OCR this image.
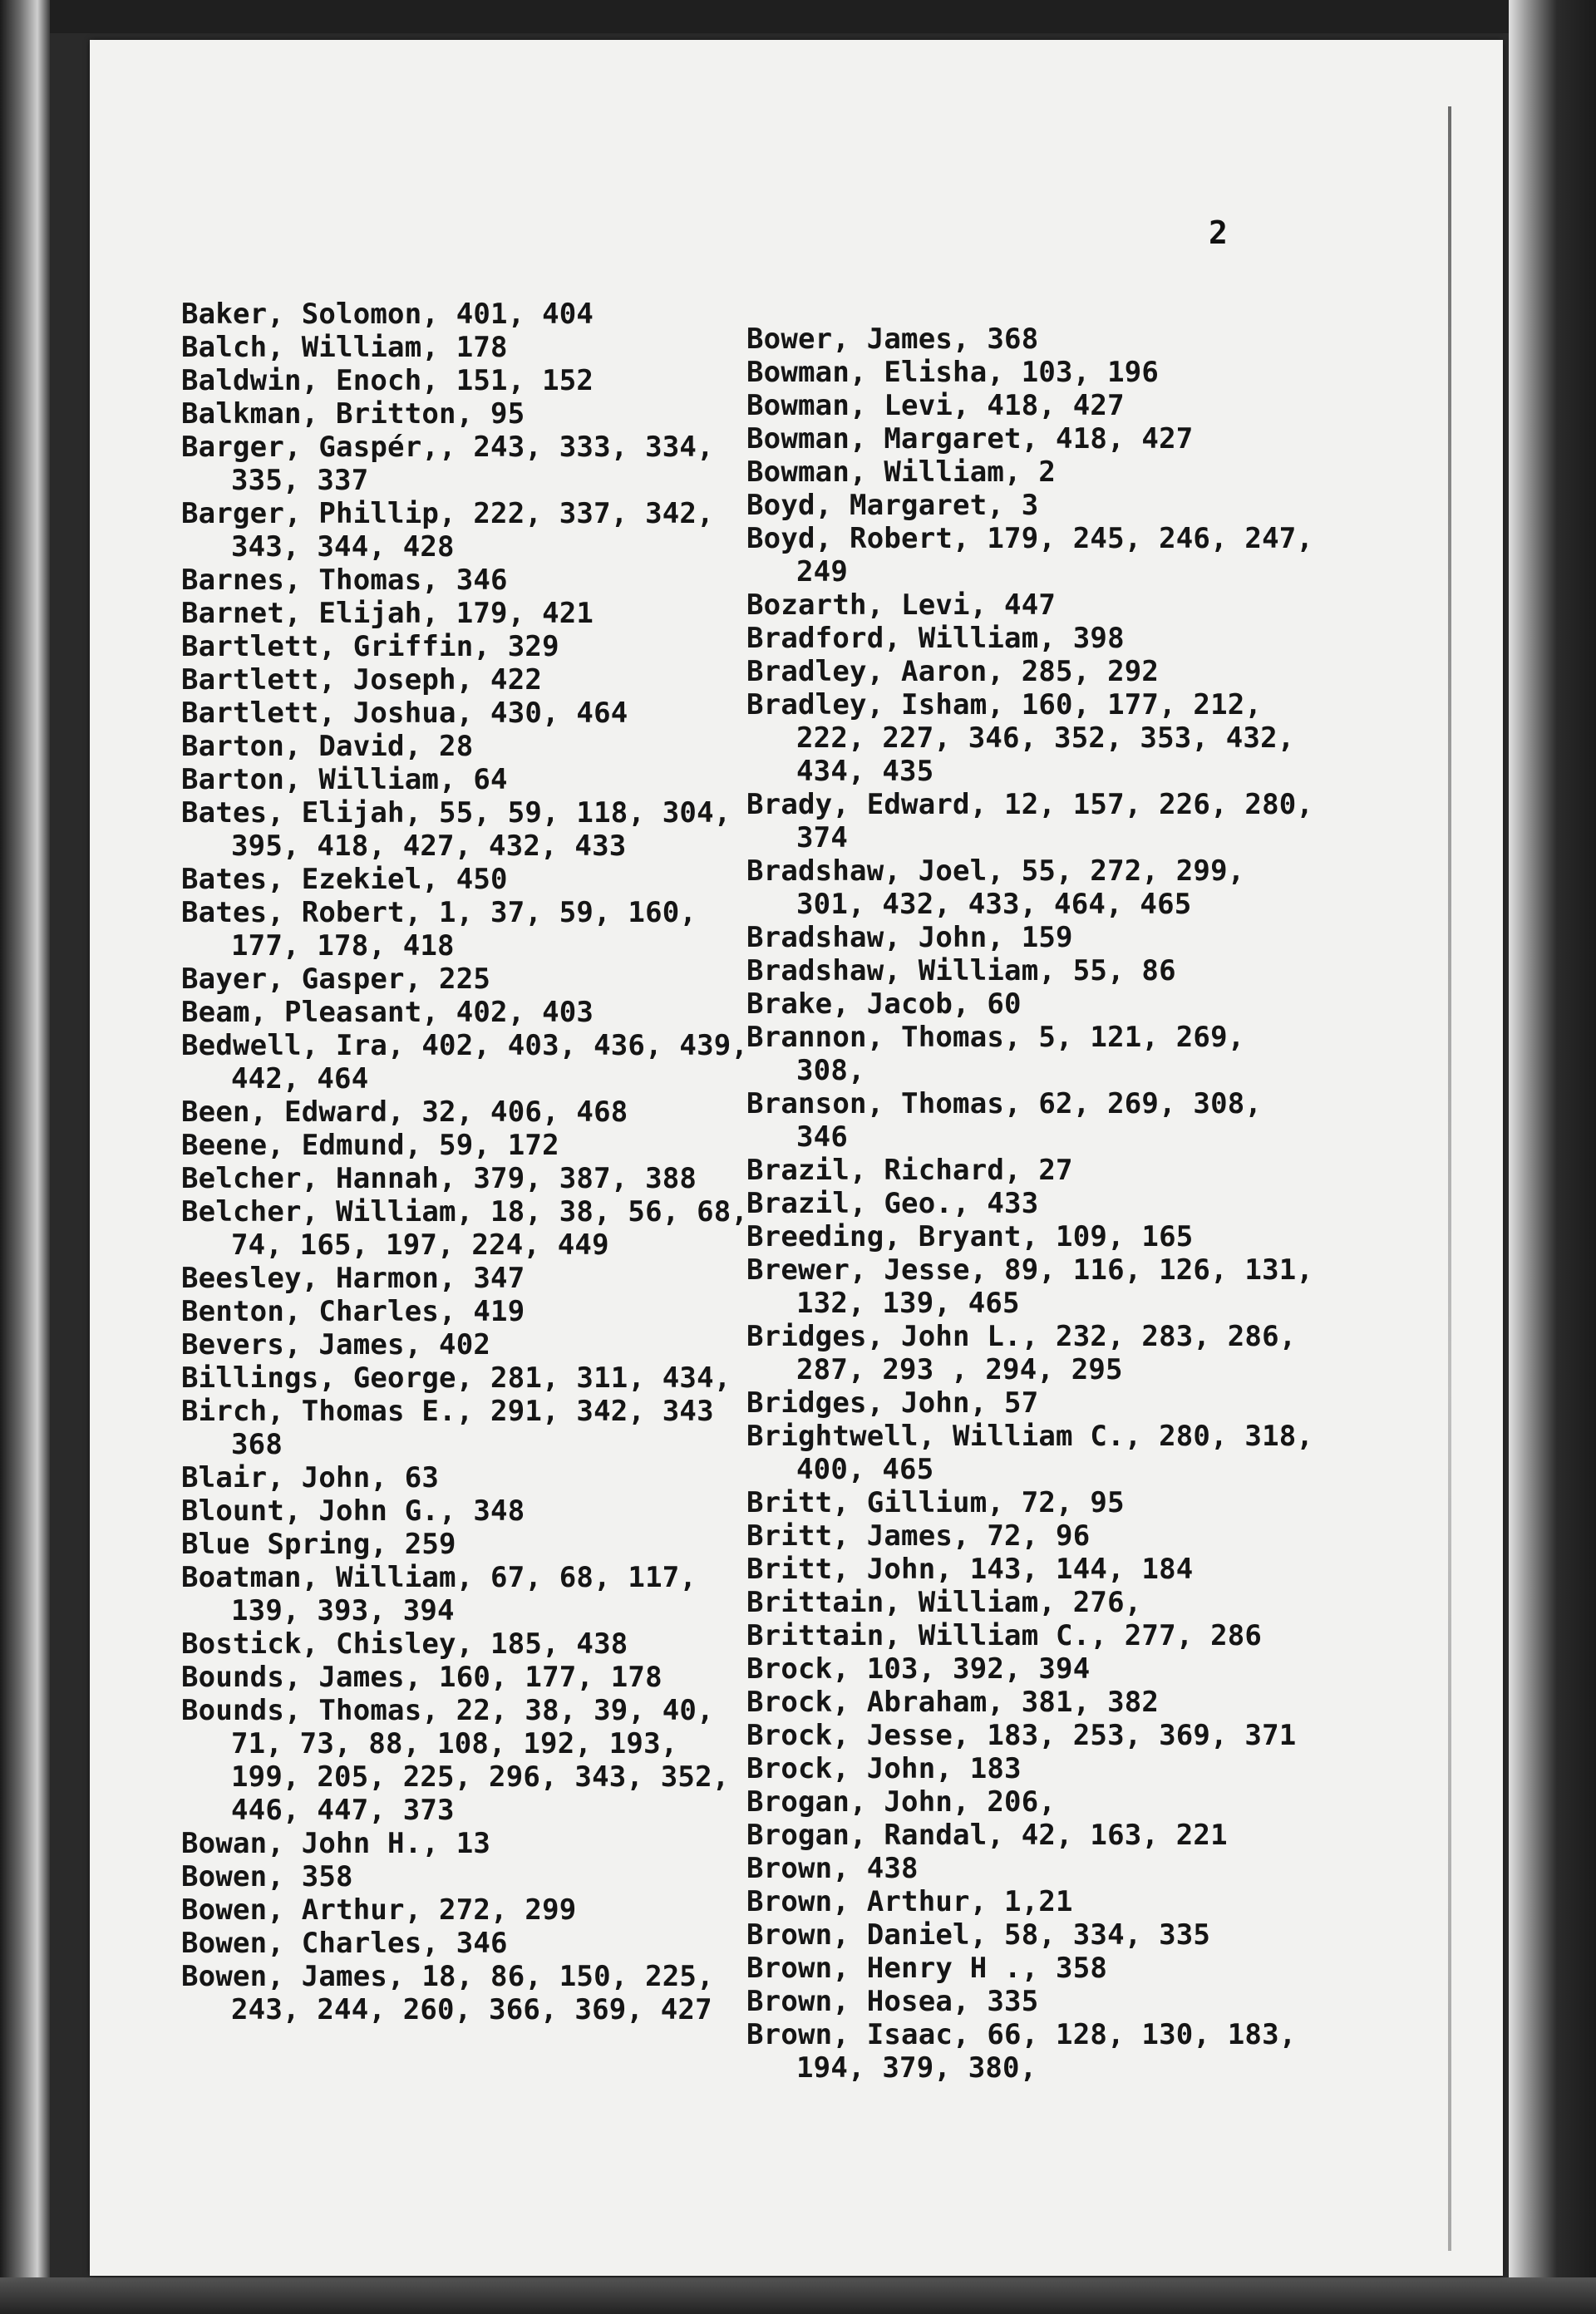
2

Baker, Solomon, 401, 404
Balch, William, 178
Baldwin, Enoch, 151, 152
Balkman, Britton, 95
Barger, Gaspér,, 243, 333, 334, 335, 337
Barger, Phillip, 222, 337, 342, 343, 344, 428
Barnes, Thomas, 346
Barnet, Elijah, 179, 421
Bartlett, Griffin, 329
Bartlett, Joseph, 422
Bartlett, Joshua, 430, 464
Barton, David, 28
Barton, William, 64
Bates, Elijah, 55, 59, 118, 304, 395, 418, 427, 432, 433
Bates, Ezekiel, 450
Bates, Robert, 1, 37, 59, 160, 177, 178, 418
Bayer, Gasper, 225
Beam, Pleasant, 402, 403
Bedwell, Ira, 402, 403, 436, 439, 442, 464
Been, Edward, 32, 406, 468
Beene, Edmund, 59, 172
Belcher, Hannah, 379, 387, 388
Belcher, William, 18, 38, 56, 68, 74, 165, 197, 224, 449
Beesley, Harmon, 347
Benton, Charles, 419
Bevers, James, 402
Billings, George, 281, 311, 434,
Birch, Thomas E., 291, 342, 343 368
Blair, John, 63
Blount, John G., 348
Blue Spring, 259
Boatman, William, 67, 68, 117, 139, 393, 394
Bostick, Chisley, 185, 438
Bounds, James, 160, 177, 178
Bounds, Thomas, 22, 38, 39, 40, 71, 73, 88, 108, 192, 193, 199, 205, 225, 296, 343, 352, 446, 447, 373
Bowan, John H., 13
Bowen, 358
Bowen, Arthur, 272, 299
Bowen, Charles, 346
Bowen, James, 18, 86, 150, 225, 243, 244, 260, 366, 369, 427
Bower, James, 368
Bowman, Elisha, 103, 196
Bowman, Levi, 418, 427
Bowman, Margaret, 418, 427
Bowman, William, 2
Boyd, Margaret, 3
Boyd, Robert, 179, 245, 246, 247, 249
Bozarth, Levi, 447
Bradford, William, 398
Bradley, Aaron, 285, 292
Bradley, Isham, 160, 177, 212, 222, 227, 346, 352, 353, 432, 434, 435
Brady, Edward, 12, 157, 226, 280, 374
Bradshaw, Joel, 55, 272, 299, 301, 432, 433, 464, 465
Bradshaw, John, 159
Bradshaw, William, 55, 86
Brake, Jacob, 60
Brannon, Thomas, 5, 121, 269, 308,
Branson, Thomas, 62, 269, 308, 346
Brazil, Richard, 27
Brazil, Geo., 433
Breeding, Bryant, 109, 165
Brewer, Jesse, 89, 116, 126, 131, 132, 139, 465
Bridges, John L., 232, 283, 286, 287, 293 , 294, 295
Bridges, John, 57
Brightwell, William C., 280, 318, 400, 465
Britt, Gillium, 72, 95
Britt, James, 72, 96
Britt, John, 143, 144, 184
Brittain, William, 276,
Brittain, William C., 277, 286
Brock, 103, 392, 394
Brock, Abraham, 381, 382
Brock, Jesse, 183, 253, 369, 371
Brock, John, 183
Brogan, John, 206,
Brogan, Randal, 42, 163, 221
Brown, 438
Brown, Arthur, 1,21
Brown, Daniel, 58, 334, 335
Brown, Henry H ., 358
Brown, Hosea, 335
Brown, Isaac, 66, 128, 130, 183, 194, 379, 380,
